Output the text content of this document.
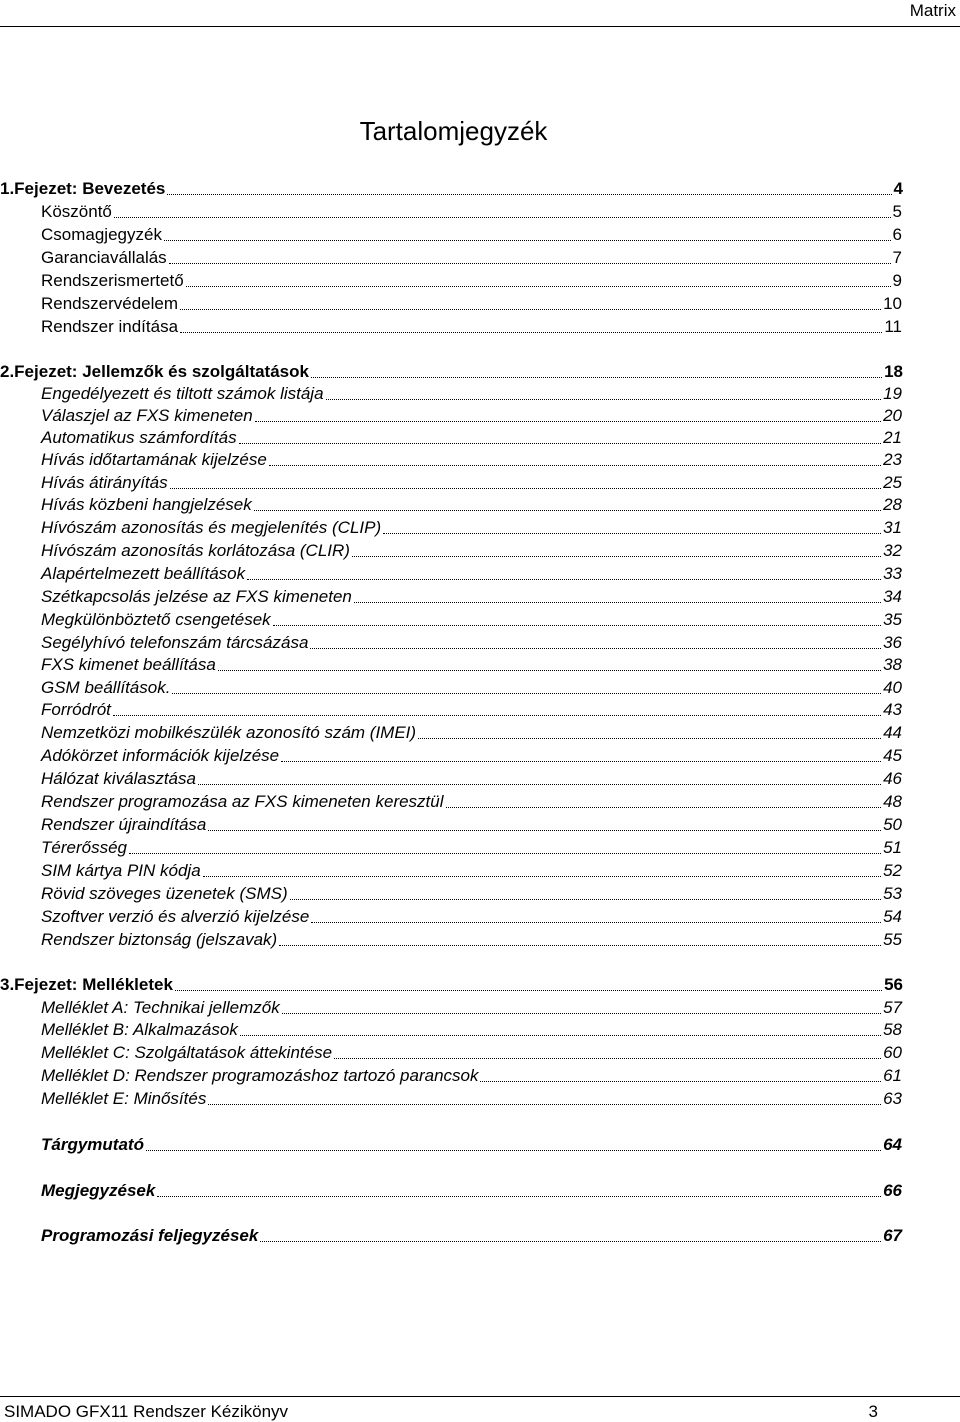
Matrix
Tartalomjegyzék
1.Fejezet: Bevezetés	4
Köszöntő	5
Csomagjegyzék	6
Garanciavállalás	7
Rendszerismertető	9
Rendszervédelem	10
Rendszer indítása	11
2.Fejezet: Jellemzők és szolgáltatások	18
Engedélyezett és tiltott számok listája	19
Válaszjel az FXS kimeneten	20
Automatikus számfordítás	21
Hívás időtartamának kijelzése	23
Hívás átirányítás	25
Hívás közbeni hangjelzések	28
Hívószám azonosítás és megjelenítés (CLIP)	31
Hívószám azonosítás korlátozása (CLIR)	32
Alapértelmezett beállítások	33
Szétkapcsolás jelzése az FXS kimeneten	34
Megkülönböztető csengetések	35
Segélyhívó telefonszám tárcsázása	36
FXS kimenet beállítása	38
GSM beállítások.	40
Forródrót	43
Nemzetközi mobilkészülék azonosító szám (IMEI)	44
Adókörzet információk kijelzése	45
Hálózat kiválasztása	46
Rendszer programozása az FXS kimeneten keresztül	48
Rendszer újraindítása	50
Térerősség	51
SIM kártya PIN kódja	52
Rövid szöveges üzenetek (SMS)	53
Szoftver verzió és alverzió kijelzése	54
Rendszer biztonság (jelszavak)	55
3.Fejezet: Mellékletek	56
Melléklet A: Technikai jellemzők	57
Melléklet B: Alkalmazások	58
Melléklet C: Szolgáltatások áttekintése	60
Melléklet D: Rendszer programozáshoz tartozó parancsok	61
Melléklet E: Minősítés	63
Tárgymutató	64
Megjegyzések	66
Programozási feljegyzések	67
SIMADO GFX11 Rendszer Kézikönyv	3
